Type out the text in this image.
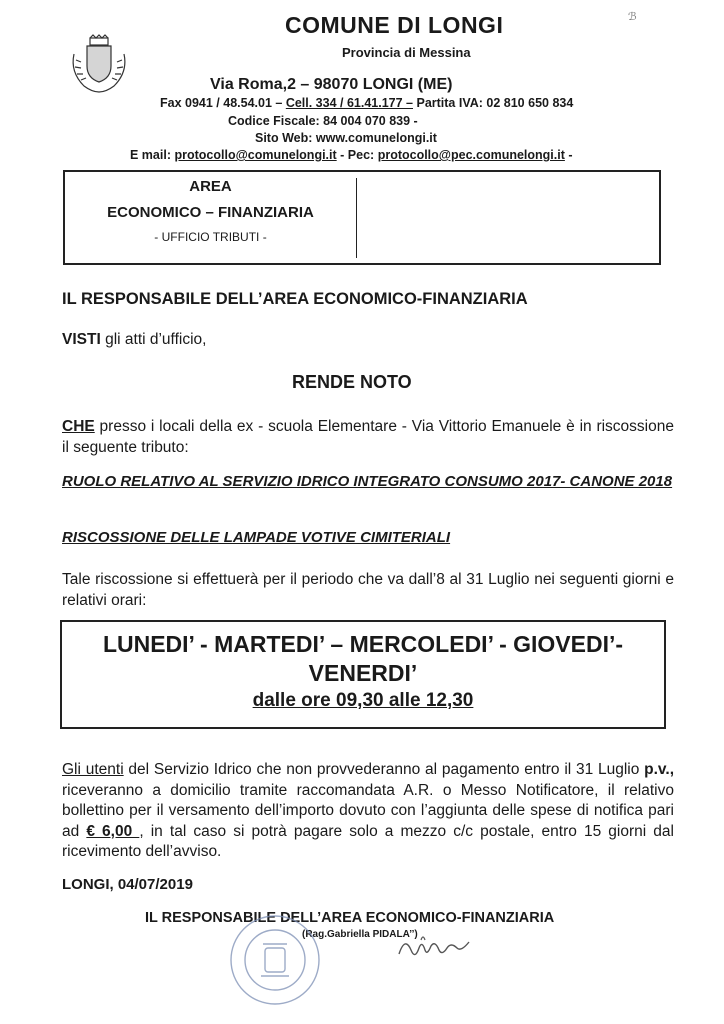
ℬ
COMUNE DI LONGI
Provincia di Messina
Via Roma,2 – 98070 LONGI (ME)
Fax 0941 / 48.54.01 – Cell. 334 / 61.41.177 – Partita IVA: 02 810 650 834
Codice Fiscale: 84 004 070 839 -
Sito Web: www.comunelongi.it
E mail: protocollo@comunelongi.it - Pec: protocollo@pec.comunelongi.it -
AREA
ECONOMICO – FINANZIARIA
- UFFICIO TRIBUTI -
IL RESPONSABILE DELL’AREA ECONOMICO-FINANZIARIA
VISTI gli atti d’ufficio,
RENDE NOTO
CHE presso i locali della ex - scuola Elementare - Via Vittorio Emanuele è in riscossione il seguente tributo:
RUOLO RELATIVO AL SERVIZIO IDRICO INTEGRATO CONSUMO 2017- CANONE 2018
RISCOSSIONE DELLE LAMPADE VOTIVE CIMITERIALI
Tale riscossione si effettuerà per il periodo che va dall’8 al 31 Luglio nei seguenti giorni e relativi orari:
LUNEDI’ - MARTEDI’ – MERCOLEDI’ - GIOVEDI’- VENERDI’
dalle ore 09,30 alle 12,30
Gli utenti del Servizio Idrico che non provvederanno al pagamento entro il 31 Luglio p.v., riceveranno a domicilio tramite raccomandata A.R. o Messo Notificatore, il relativo bollettino per il versamento dell’importo dovuto con l’aggiunta delle spese di notifica pari ad € 6,00 , in tal caso si potrà pagare solo a mezzo c/c postale, entro 15 giorni dal ricevimento dell’avviso.
LONGI, 04/07/2019
IL RESPONSABILE DELL’AREA ECONOMICO-FINANZIARIA
(Rag.Gabriella PIDALA’’)
